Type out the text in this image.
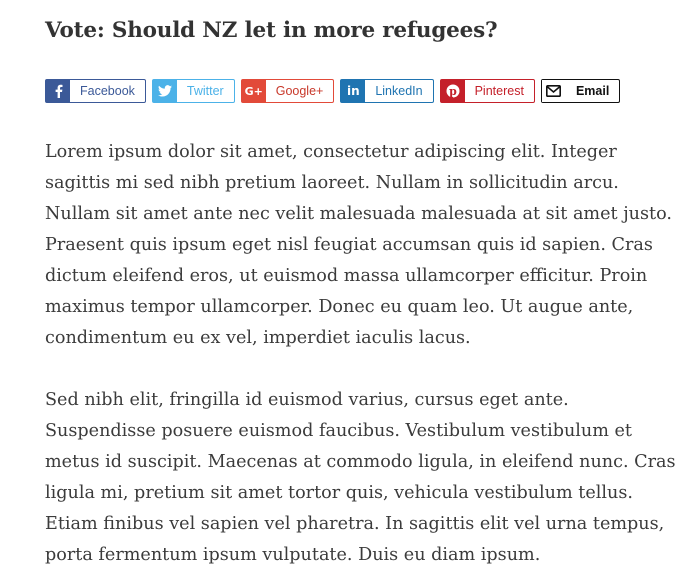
Vote: Should NZ let in more refugees?
Facebook	Twitter	G+	Google+	in	LinkedIn	p	Pinterest	Email

Lorem ipsum dolor sit amet, consectetur adipiscing elit. Integer sagittis mi sed nibh pretium laoreet. Nullam in sollicitudin arcu. Nullam sit amet ante nec velit malesuada malesuada at sit amet justo. Praesent quis ipsum eget nisl feugiat accumsan quis id sapien. Cras dictum eleifend eros, ut euismod massa ullamcorper efficitur. Proin maximus tempor ullamcorper. Donec eu quam leo. Ut augue ante, condimentum eu ex vel, imperdiet iaculis lacus.

Sed nibh elit, fringilla id euismod varius, cursus eget ante. Suspendisse posuere euismod faucibus. Vestibulum vestibulum et metus id suscipit. Maecenas at commodo ligula, in eleifend nunc. Cras ligula mi, pretium sit amet tortor quis, vehicula vestibulum tellus. Etiam finibus vel sapien vel pharetra. In sagittis elit vel urna tempus, porta fermentum ipsum vulputate. Duis eu diam ipsum.
